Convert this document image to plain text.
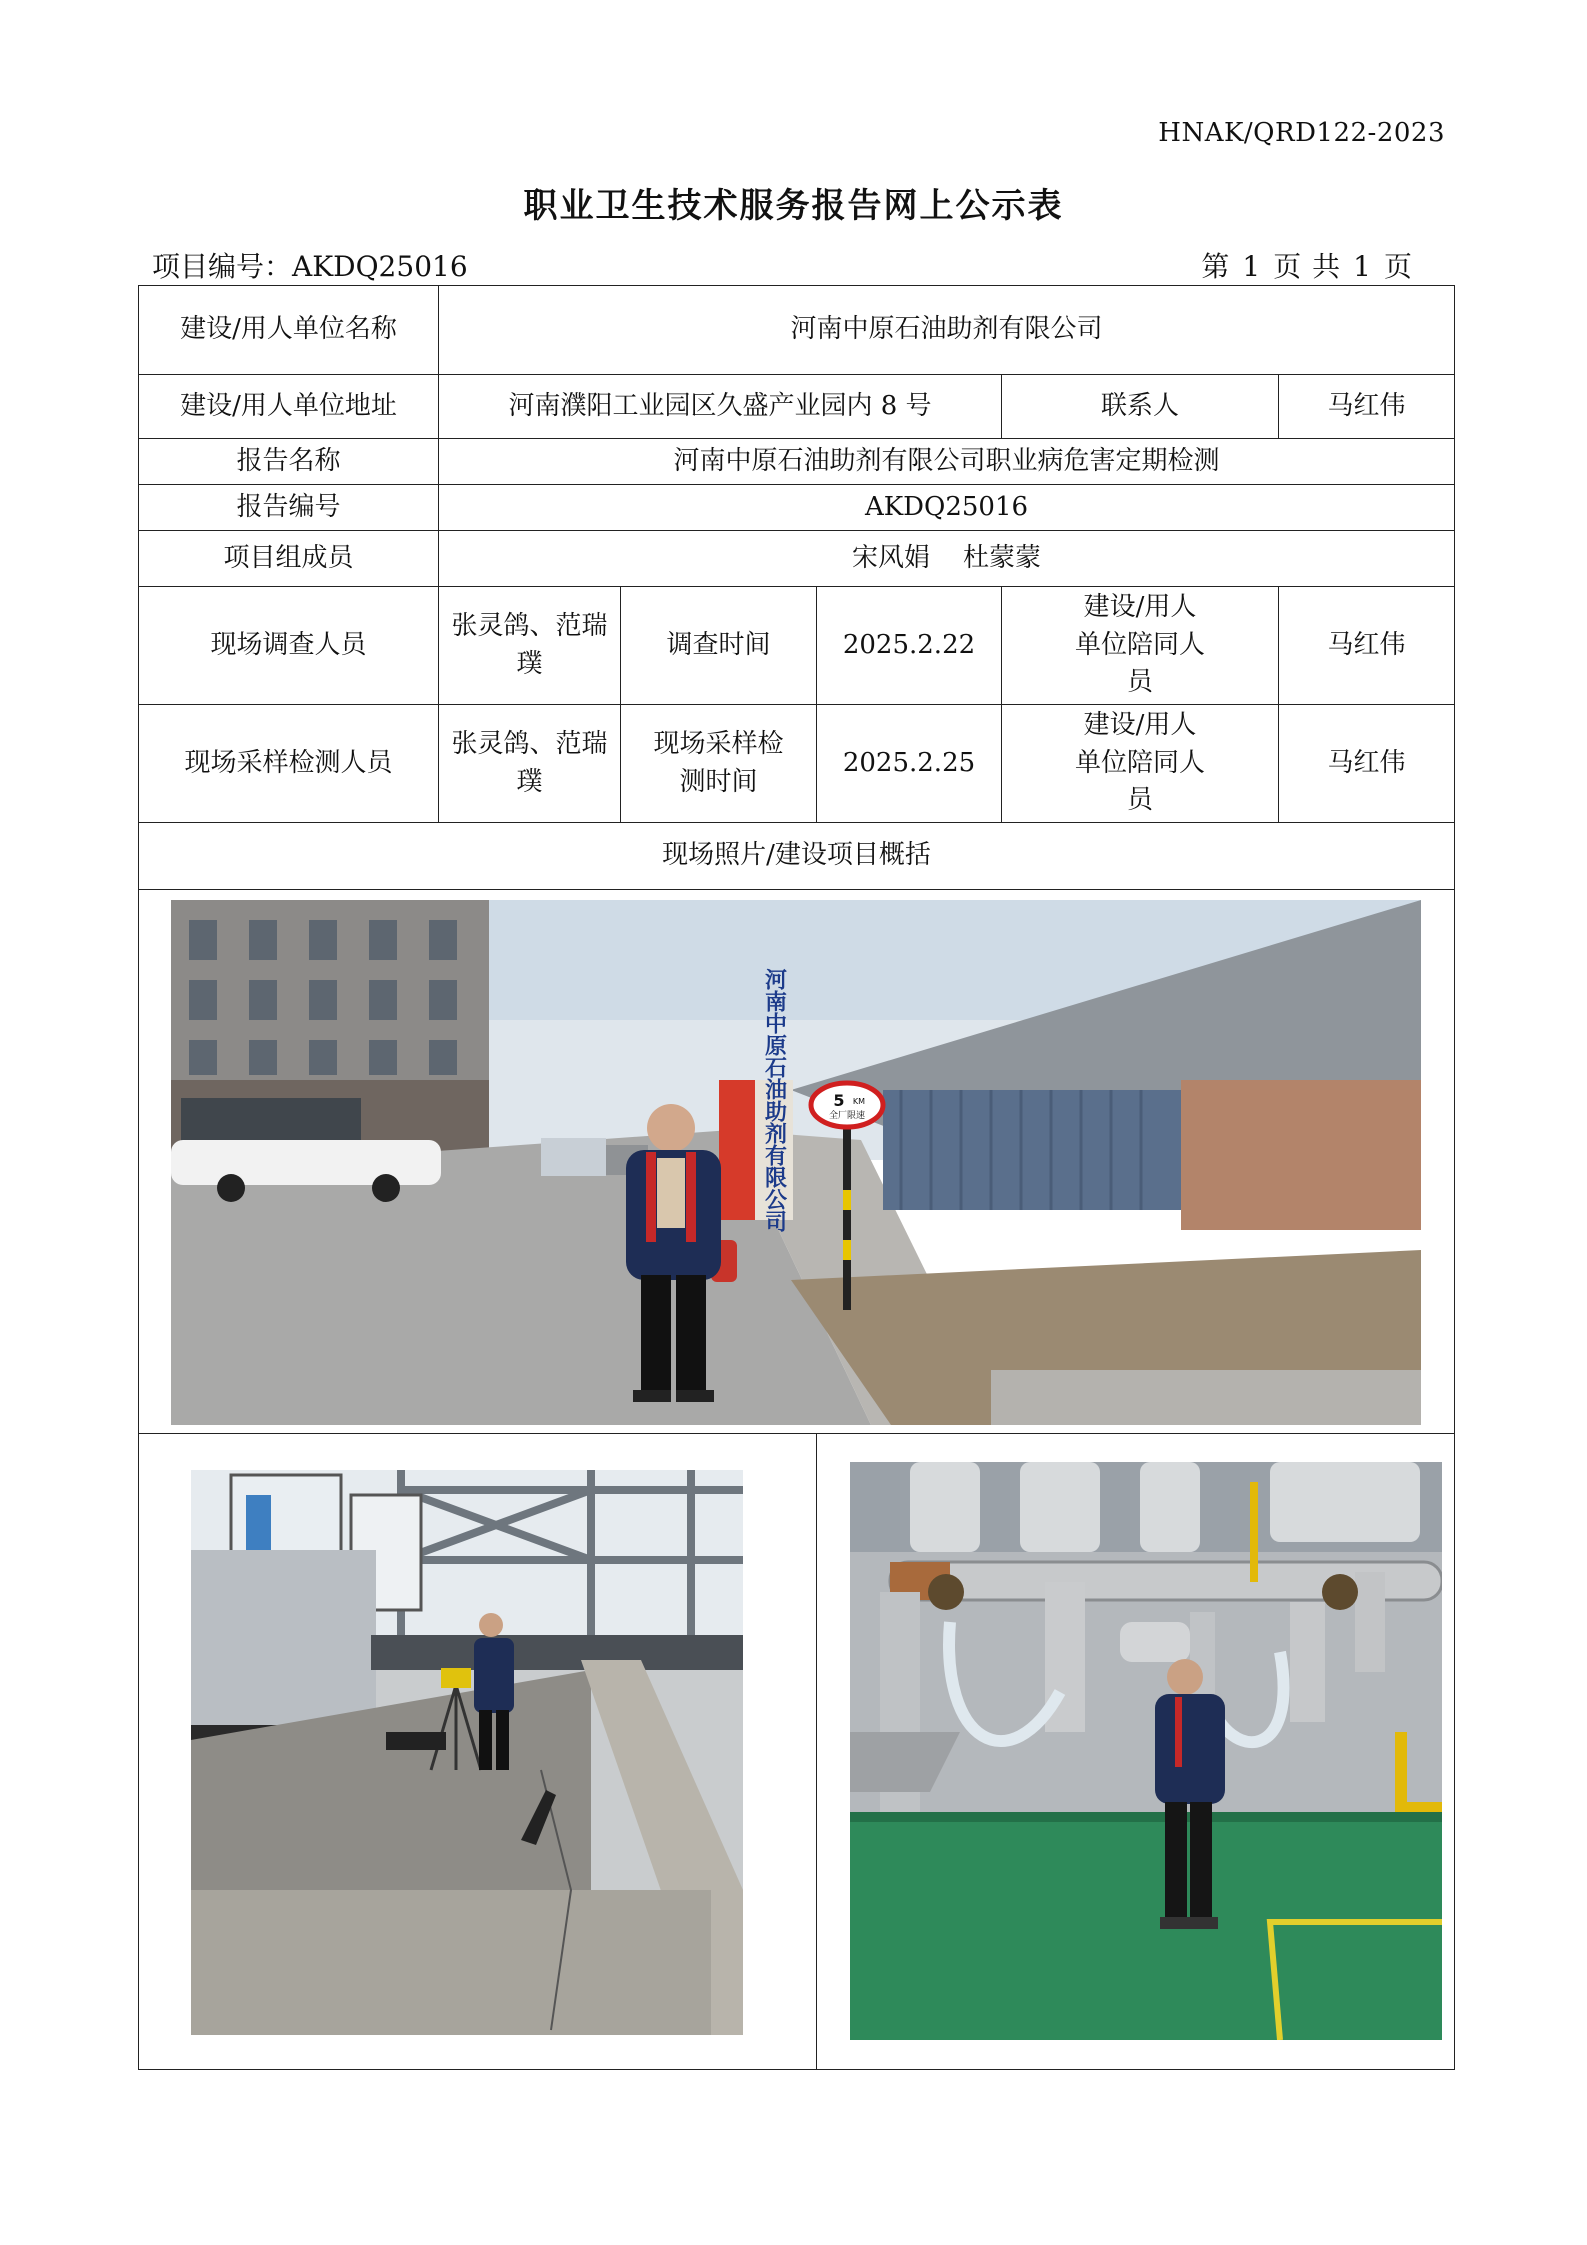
HNAK/QRD122-2023
职业卫生技术服务报告网上公示表
项目编号：AKDQ25016	第 1 页 共 1 页
建设/用人单位名称	河南中原石油助剂有限公司				
建设/用人单位地址	河南濮阳工业园区久盛产业园内 8 号			联系人	马红伟
报告名称	河南中原石油助剂有限公司职业病危害定期检测				
报告编号	AKDQ25016				
项目组成员	宋风娟    杜蒙蒙				
现场调查人员	张灵鸽、范瑞璞	调查时间	2025.2.22	建设/用人单位陪同人员	马红伟
现场采样检测人员	张灵鸽、范瑞璞	现场采样检测时间	2025.2.25	建设/用人单位陪同人员	马红伟
现场照片/建设项目概括					

河南中原石油助剂有限公司 5 KM
全厂限速					
